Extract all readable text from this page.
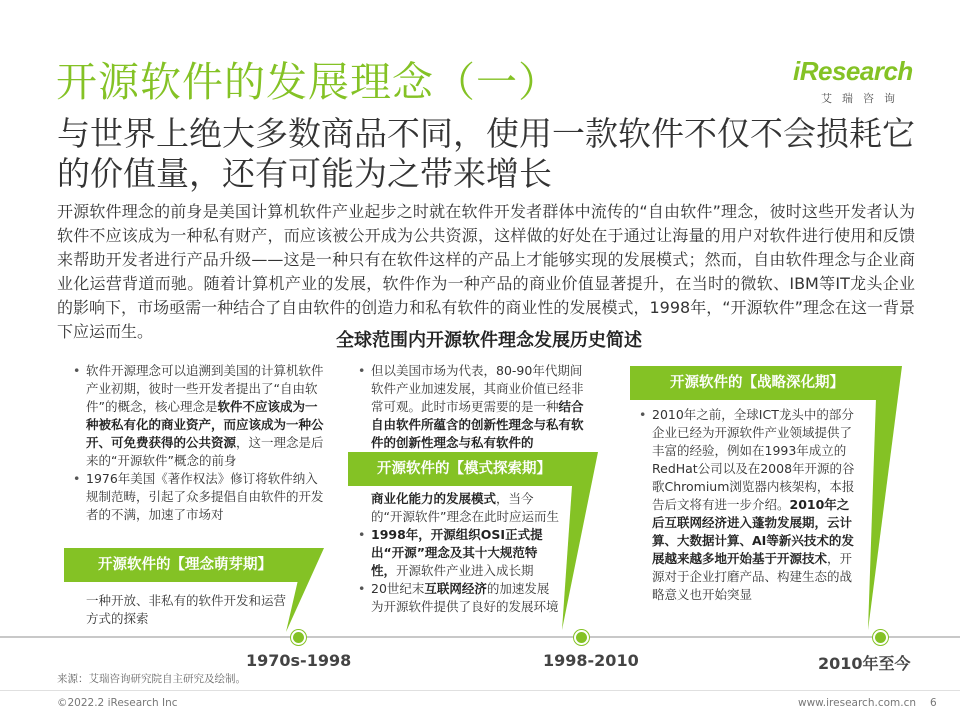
开源软件的发展理念（一）	iResearch
艾瑞咨询
与世界上绝大多数商品不同，使用一款软件不仅不会损耗它的价值量，还有可能为之带来增长
开源软件理念的前身是美国计算机软件产业起步之时就在软件开发者群体中流传的“自由软件”理念，彼时这些开发者认为软件不应该成为一种私有财产，而应该被公开成为公共资源，这样做的好处在于通过让海量的用户对软件进行使用和反馈来帮助开发者进行产品升级——这是一种只有在软件这样的产品上才能够实现的发展模式；然而，自由软件理念与企业商业化运营背道而驰。随着计算机产业的发展，软件作为一种产品的商业价值显著提升，在当时的微软、IBM等IT龙头企业的影响下，市场亟需一种结合了自由软件的创造力和私有软件的商业性的发展模式，1998年，“开源软件”理念在这一背景下应运而生。	全球范围内开源软件理念发展历史简述
• 软件开源理念可以追溯到美国的计算机软件产业初期，彼时一些开发者提出了“自由软件”的概念，核心理念是软件不应该成为一种被私有化的商业资产，而应该成为一种公开、可免费获得的公共资源，这一理念是后来的“开源软件”概念的前身
• 1976年美国《著作权法》修订将软件纳入规制范畴，引起了众多提倡自由软件的开发者的不满，加速了市场对
开源软件的【理念萌芽期】
一种开放、非私有的软件开发和运营方式的探索
• 但以美国市场为代表，80-90年代期间软件产业加速发展，其商业价值已经非常可观。此时市场更需要的是一种结合自由软件所蕴含的创新性理念与私有软件的创新性理念与私有软件的
开源软件的【模式探索期】
商业化能力的发展模式，当今的“开源软件”理念在此时应运而生
• 1998年，开源组织OSI正式提出“开源”理念及其十大规范特性，开源软件产业进入成长期
• 20世纪末互联网经济的加速发展为开源软件提供了良好的发展环境
开源软件的【战略深化期】
• 2010年之前，全球ICT龙头中的部分企业已经为开源软件产业领域提供了丰富的经验，例如在1993年成立的RedHat公司以及在2008年开源的谷歌Chromium浏览器内核架构，本报告后文将有进一步介绍。2010年之后互联网经济进入蓬勃发展期，云计算、大数据计算、AI等新兴技术的发展越来越多地开始基于开源技术，开源对于企业打磨产品、构建生态的战略意义也开始突显
1970s-1998	1998-2010	2010年至今
来源：艾瑞咨询研究院自主研究及绘制。
©2022.2 iResearch Inc	www.iresearch.com.cn 6
